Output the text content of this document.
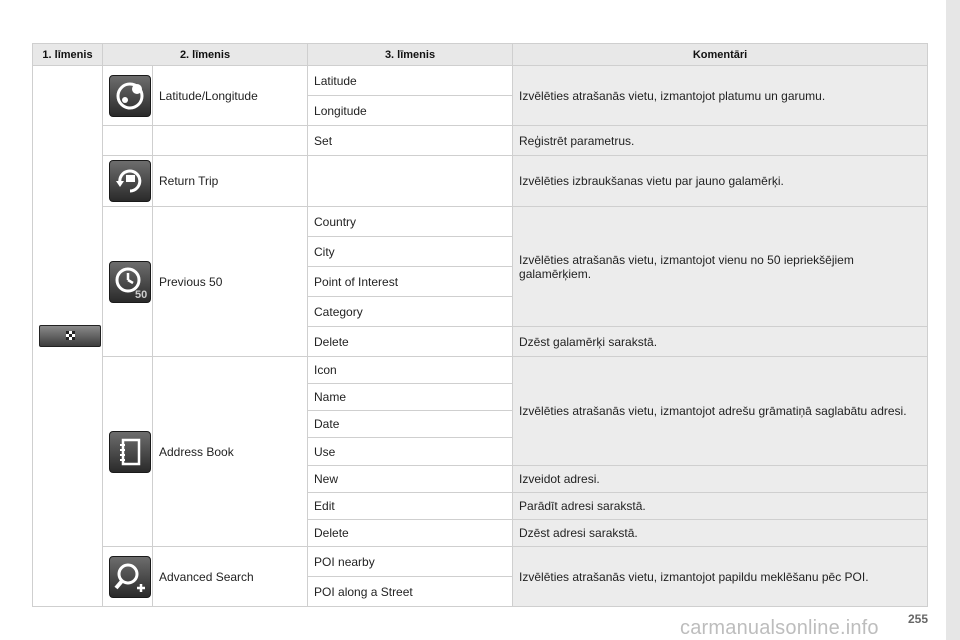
1. līmenis	2. līmenis		3. līmenis	Komentāri

	Latitude/Longitude	Latitude	Izvēlēties atrašanās vietu, izmantojot platumu un garumu.
			Longitude	
			Set	Reģistrēt parametrus.

	Return Trip		Izvēlēties izbraukšanas vietu par jauno galamērķi.

50	Previous 50	Country	Izvēlēties atrašanās vietu, izmantojot vienu no 50 iepriekšējiem galamērķiem.
			City	
			Point of Interest	
			Category	
			Delete	Dzēst galamērķi sarakstā.

	Address Book	Icon	Izvēlēties atrašanās vietu, izmantojot adrešu grāmatiņā saglabātu adresi.
			Name	
			Date	
			Use	
			New	Izveidot adresi.
			Edit	Parādīt adresi sarakstā.
			Delete	Dzēst adresi sarakstā.

	Advanced Search	POI nearby	Izvēlēties atrašanās vietu, izmantojot papildu meklēšanu pēc POI.
			POI along a Street	
255
carmanualsonline.info
